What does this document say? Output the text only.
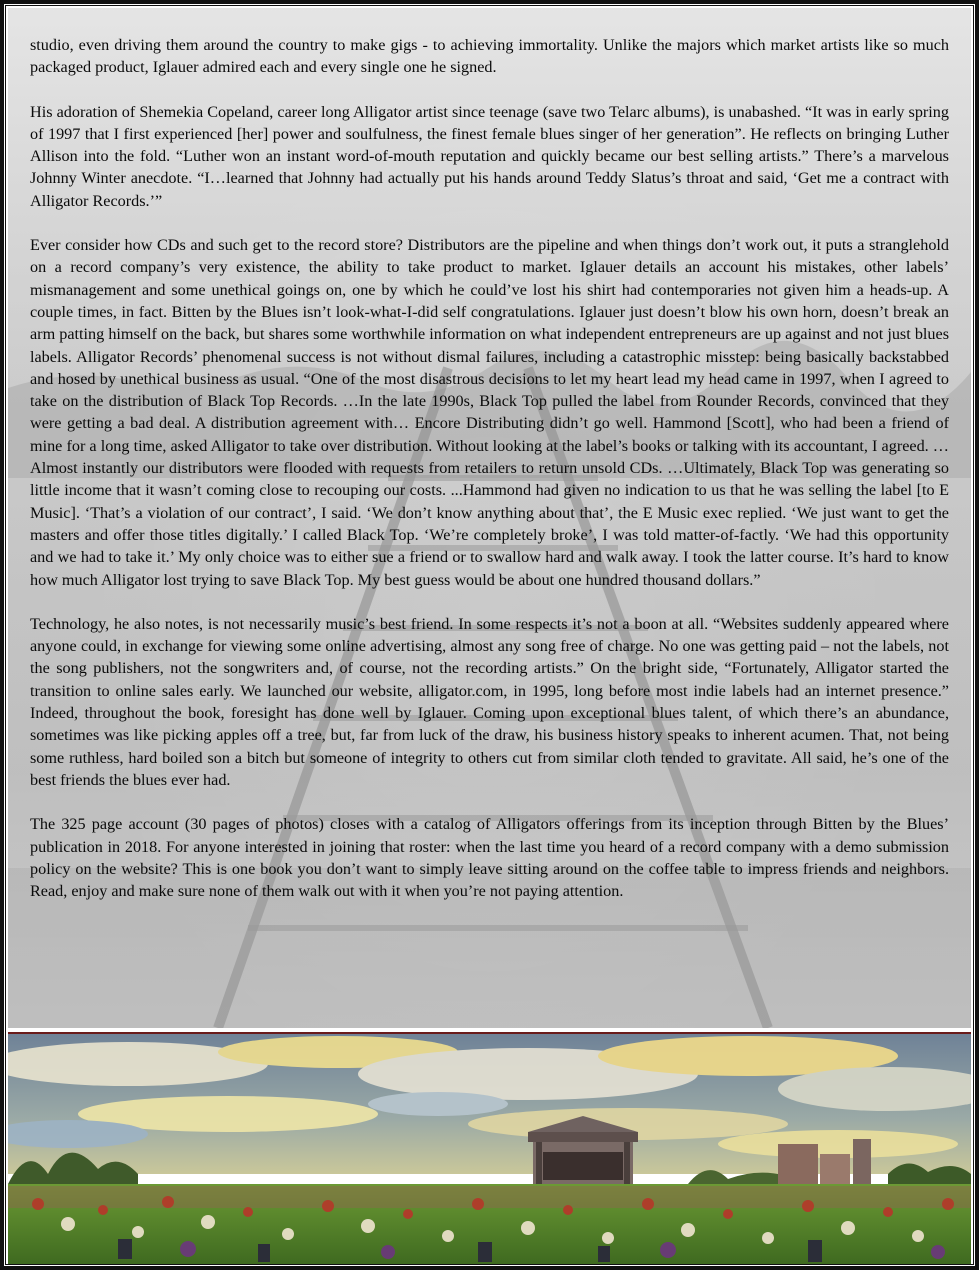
studio, even driving them around the country to make gigs - to achieving immortality. Unlike the majors which market artists like so much packaged product, Iglauer admired each and every single one he signed.

His adoration of Shemekia Copeland, career long Alligator artist since teenage (save two Telarc albums), is unabashed. “It was in early spring of 1997 that I first experienced [her] power and soulfulness, the finest female blues singer of her generation”. He reflects on bringing Luther Allison into the fold. “Luther won an instant word-of-mouth reputation and quickly became our best selling artists.” There’s a marvelous Johnny Winter anecdote. “I…learned that Johnny had actually put his hands around Teddy Slatus’s throat and said, ‘Get me a contract with Alligator Records.’”

Ever consider how CDs and such get to the record store? Distributors are the pipeline and when things don’t work out, it puts a stranglehold on a record company’s very existence, the ability to take product to market. Iglauer details an account his mistakes, other labels’ mismanagement and some unethical goings on, one by which he could’ve lost his shirt had contemporaries not given him a heads-up. A couple times, in fact. Bitten by the Blues isn’t look-what-I-did self congratulations. Iglauer just doesn’t blow his own horn, doesn’t break an arm patting himself on the back, but shares some worthwhile information on what independent entrepreneurs are up against and not just blues labels. Alligator Records’ phenomenal success is not without dismal failures, including a catastrophic misstep: being basically backstabbed and hosed by unethical business as usual. “One of the most disastrous decisions to let my heart lead my head came in 1997, when I agreed to take on the distribution of Black Top Records. …In the late 1990s, Black Top pulled the label from Rounder Records, convinced that they were getting a bad deal. A distribution agreement with… Encore Distributing didn’t go well. Hammond [Scott], who had been a friend of mine for a long time, asked Alligator to take over distribution. Without looking at the label’s books or talking with its accountant, I agreed. …Almost instantly our distributors were flooded with requests from retailers to return unsold CDs. …Ultimately, Black Top was generating so little income that it wasn’t coming close to recouping our costs. ...Hammond had given no indication to us that he was selling the label [to E Music]. ‘That’s a violation of our contract’, I said. ‘We don’t know anything about that’, the E Music exec replied. ‘We just want to get the masters and offer those titles digitally.’ I called Black Top. ‘We’re completely broke’, I was told matter-of-factly. ‘We had this opportunity and we had to take it.’ My only choice was to either sue a friend or to swallow hard and walk away. I took the latter course. It’s hard to know how much Alligator lost trying to save Black Top. My best guess would be about one hundred thousand dollars.”

Technology, he also notes, is not necessarily music’s best friend. In some respects it’s not a boon at all. “Websites suddenly appeared where anyone could, in exchange for viewing some online advertising, almost any song free of charge. No one was getting paid – not the labels, not the song publishers, not the songwriters and, of course, not the recording artists.” On the bright side, “Fortunately, Alligator started the transition to online sales early. We launched our website, alligator.com, in 1995, long before most indie labels had an internet presence.” Indeed, throughout the book, foresight has done well by Iglauer. Coming upon exceptional blues talent, of which there’s an abundance, sometimes was like picking apples off a tree, but, far from luck of the draw, his business history speaks to inherent acumen. That, not being some ruthless, hard boiled son a bitch but someone of integrity to others cut from similar cloth tended to gravitate. All said, he’s one of the best friends the blues ever had.

The 325 page account (30 pages of photos) closes with a catalog of Alligators offerings from its inception through Bitten by the Blues’ publication in 2018. For anyone interested in joining that roster: when the last time you heard of a record company with a demo submission policy on the website? This is one book you don’t want to simply leave sitting around on the coffee table to impress friends and neighbors. Read, enjoy and make sure none of them walk out with it when you’re not paying attention.
